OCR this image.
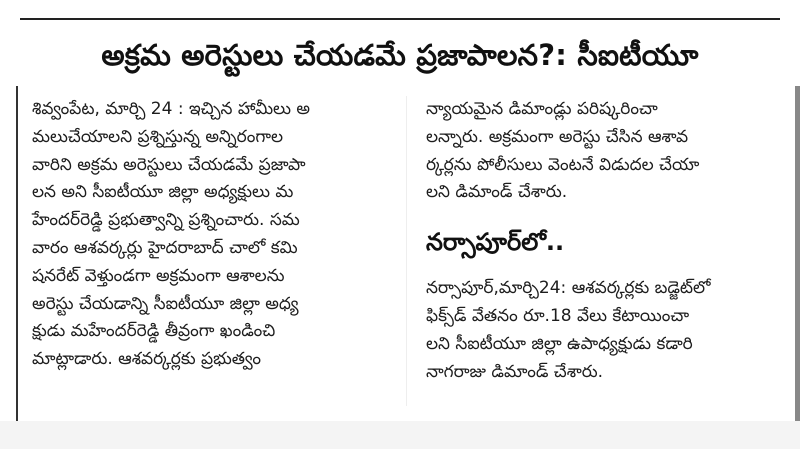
అక్రమ అరెస్టులు చేయడమే ప్రజాపాలన?: సీఐటీయూ
శివ్వంపేట, మార్చి 24 : ఇచ్చిన హామీలు అ
మలుచేయాలని ప్రశ్నిస్తున్న అన్నిరంగాల
వారిని అక్రమ అరెస్టులు చేయడమే ప్రజాపా
లన అని సీఐటీయూ జిల్లా అధ్యక్షులు మ
హేందర్‌రెడ్డి ప్రభుత్వాన్ని ప్రశ్నించారు. సమ
వారం ఆశవర్కర్లు హైదరాబాద్ చాలో కమి
షనరేట్ వెళ్తుండగా అక్రమంగా ఆశాలను
అరెస్టు చేయడాన్ని సీఐటీయూ జిల్లా అధ్య
క్షుడు మహేందర్‌రెడ్డి తీవ్రంగా ఖండించి
మాట్లాడారు. ఆశవర్కర్లకు ప్రభుత్వం
న్యాయమైన డిమాండ్లు పరిష్కరించా
లన్నారు. అక్రమంగా అరెస్టు చేసిన ఆశావ
ర్కర్లను పోలీసులు వెంటనే విడుదల చేయా
లని డిమాండ్ చేశారు.
నర్సాపూర్‌లో..
నర్సాపూర్,మార్చి24: ఆశవర్కర్లకు బడ్జెట్‌లో
ఫిక్స్‌డ్ వేతనం రూ.18 వేలు కేటాయించా
లని సీఐటీయూ జిల్లా ఉపాధ్యక్షుడు కడారి
నాగరాజు డిమాండ్ చేశారు.
